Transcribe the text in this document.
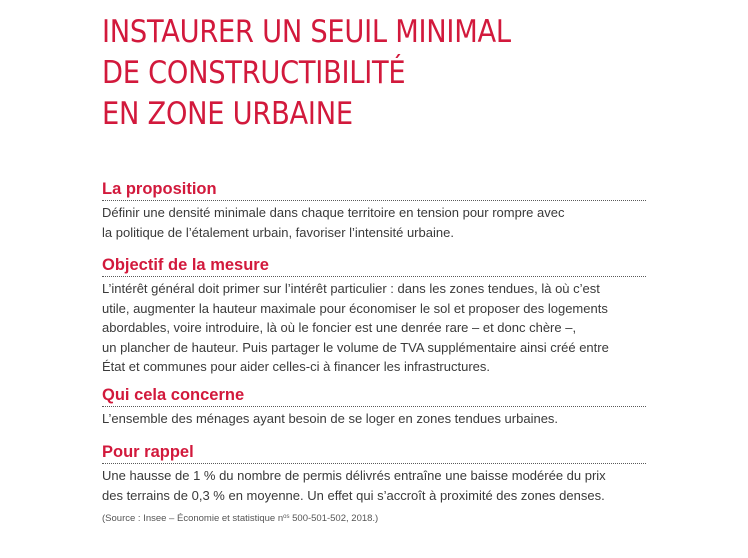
INSTAURER UN SEUIL MINIMAL
DE CONSTRUCTIBILITÉ
EN ZONE URBAINE
La proposition
Définir une densité minimale dans chaque territoire en tension pour rompre avec
la politique de l’étalement urbain, favoriser l’intensité urbaine.
Objectif de la mesure
L’intérêt général doit primer sur l’intérêt particulier : dans les zones tendues, là où c’est
utile, augmenter la hauteur maximale pour économiser le sol et proposer des logements
abordables, voire introduire, là où le foncier est une denrée rare – et donc chère –,
un plancher de hauteur. Puis partager le volume de TVA supplémentaire ainsi créé entre
État et communes pour aider celles-ci à financer les infrastructures.
Qui cela concerne
L’ensemble des ménages ayant besoin de se loger en zones tendues urbaines.
Pour rappel
Une hausse de 1 % du nombre de permis délivrés entraîne une baisse modérée du prix
des terrains de 0,3 % en moyenne. Un effet qui s’accroît à proximité des zones denses.
(Source : Insee – Économie et statistique $n^{os}$ 500-501-502, 2018.)
